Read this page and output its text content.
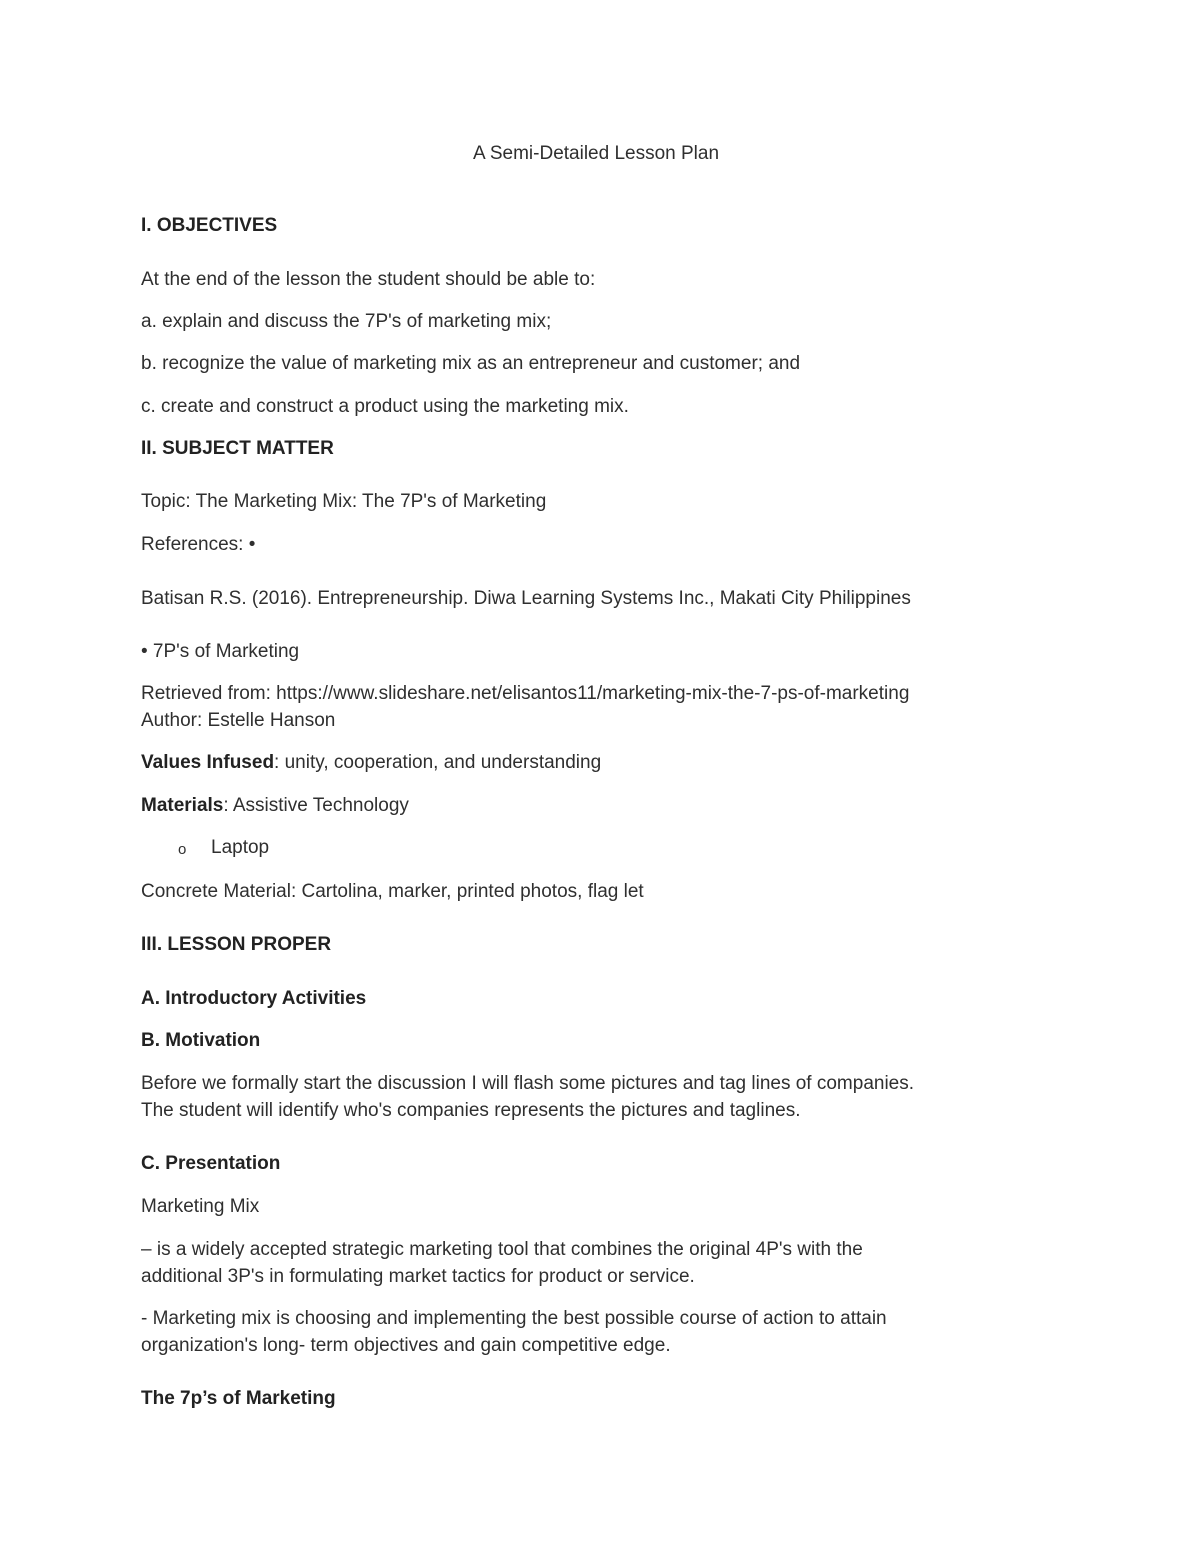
A Semi-Detailed Lesson Plan
I. OBJECTIVES
At the end of the lesson the student should be able to:
a. explain and discuss the 7P's of marketing mix;
b. recognize the value of marketing mix as an entrepreneur and customer; and
c. create and construct a product using the marketing mix.
II. SUBJECT MATTER
Topic: The Marketing Mix: The 7P's of Marketing
References: •
Batisan R.S. (2016). Entrepreneurship. Diwa Learning Systems Inc., Makati City Philippines
• 7P's of Marketing
Retrieved from: https://www.slideshare.net/elisantos11/marketing-mix-the-7-ps-of-marketing
Author: Estelle Hanson
Values Infused: unity, cooperation, and understanding
Materials: Assistive Technology
o Laptop
Concrete Material: Cartolina, marker, printed photos, flag let
III. LESSON PROPER
A. Introductory Activities
B. Motivation
Before we formally start the discussion I will flash some pictures and tag lines of companies.
The student will identify who's companies represents the pictures and taglines.
C. Presentation
Marketing Mix
– is a widely accepted strategic marketing tool that combines the original 4P's with the
additional 3P's in formulating market tactics for product or service.
- Marketing mix is choosing and implementing the best possible course of action to attain
organization's long- term objectives and gain competitive edge.
The 7p’s of Marketing
